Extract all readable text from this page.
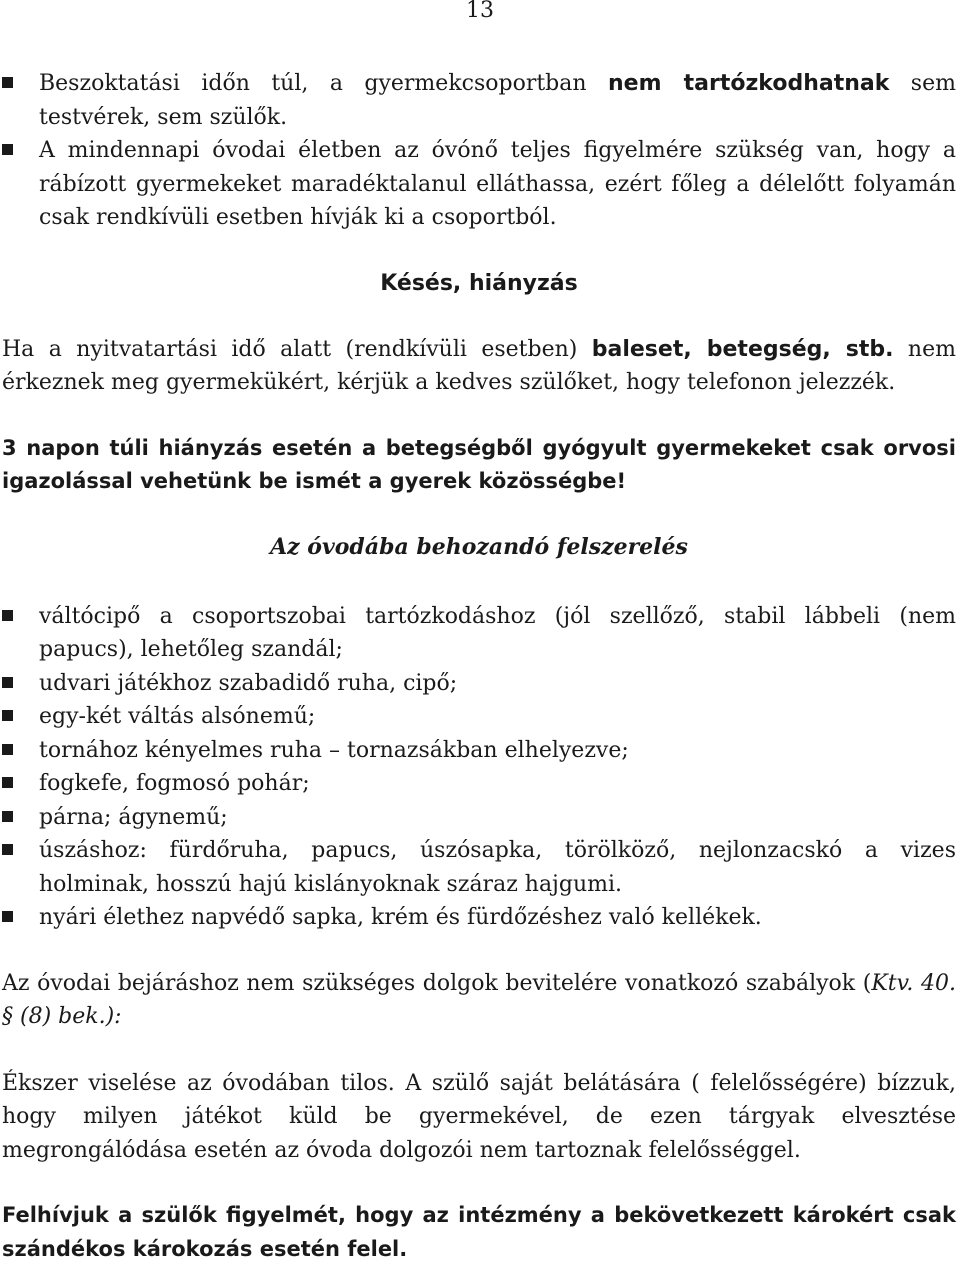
13
Beszoktatási időn túl, a gyermekcsoportban nem tartózkodhatnak sem testvérek, sem szülők.
A mindennapi óvodai életben az óvónő teljes figyelmére szükség van, hogy a rábízott gyermekeket maradéktalanul elláthassa, ezért főleg a délelőtt folyamán csak rendkívüli esetben hívják ki a csoportból.
Késés, hiányzás

Ha a nyitvatartási idő alatt (rendkívüli esetben) baleset, betegség, stb. nem érkeznek meg gyermekükért, kérjük a kedves szülőket, hogy telefonon jelezzék.

3 napon túli hiányzás esetén a betegségből gyógyult gyermekeket csak orvosi igazolással vehetünk be ismét a gyerek közösségbe!

Az óvodába behozandó felszerelés
váltócipő a csoportszobai tartózkodáshoz (jól szellőző, stabil lábbeli (nem papucs), lehetőleg szandál;
udvari játékhoz szabadidő ruha, cipő;
egy-két váltás alsónemű;
tornához kényelmes ruha – tornazsákban elhelyezve;
fogkefe, fogmosó pohár;
párna; ágynemű;
úszáshoz: fürdőruha, papucs, úszósapka, törölköző, nejlonzacskó a vizes holminak, hosszú hajú kislányoknak száraz hajgumi.
nyári élethez napvédő sapka, krém és fürdőzéshez való kellékek.

Az óvodai bejáráshoz nem szükséges dolgok bevitelére vonatkozó szabályok (Ktv. 40. § (8) bek.):

Ékszer viselése az óvodában tilos. A szülő saját belátására ( felelősségére) bízzuk, hogy milyen játékot küld be gyermekével, de ezen tárgyak elvesztése megrongálódása esetén az óvoda dolgozói nem tartoznak felelősséggel.

Felhívjuk a szülők figyelmét, hogy az intézmény a bekövetkezett károkért csak szándékos károkozás esetén felel.
